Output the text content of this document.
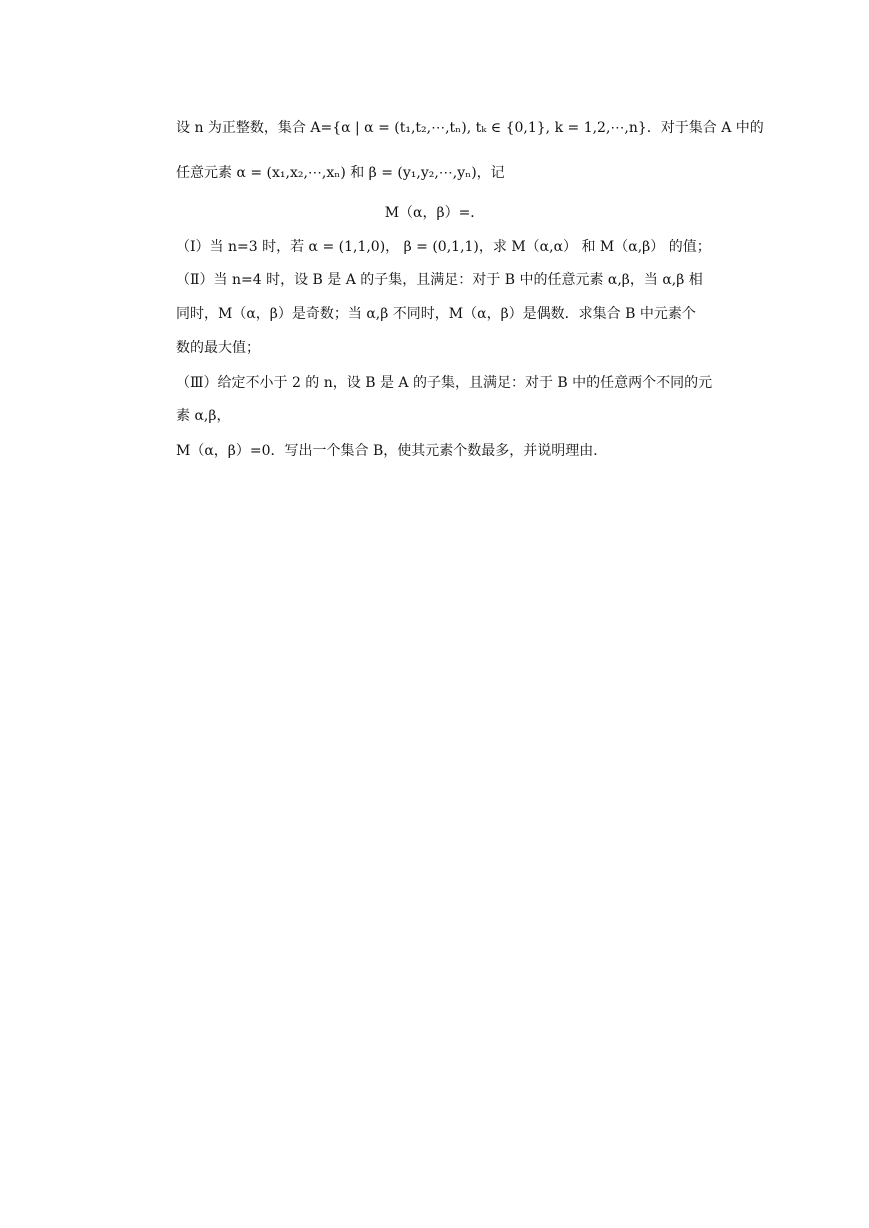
设 n 为正整数，集合 A={α | α = (t₁,t₂,⋯,tₙ), tₖ ∈ {0,1}, k = 1,2,⋯,n}．对于集合 A 中的
任意元素 α = (x₁,x₂,⋯,xₙ) 和 β = (y₁,y₂,⋯,yₙ)，记
M（α，β）=．
（Ⅰ）当 n=3 时，若 α = (1,1,0)， β = (0,1,1)，求 M（α,α） 和 M（α,β） 的值；
（Ⅱ）当 n=4 时，设 B 是 A 的子集，且满足：对于 B 中的任意元素 α,β，当 α,β 相
同时，M（α，β）是奇数；当 α,β 不同时，M（α，β）是偶数．求集合 B 中元素个
数的最大值；
（Ⅲ）给定不小于 2 的 n，设 B 是 A 的子集，且满足：对于 B 中的任意两个不同的元
素 α,β，
M（α，β）=0．写出一个集合 B，使其元素个数最多，并说明理由．
